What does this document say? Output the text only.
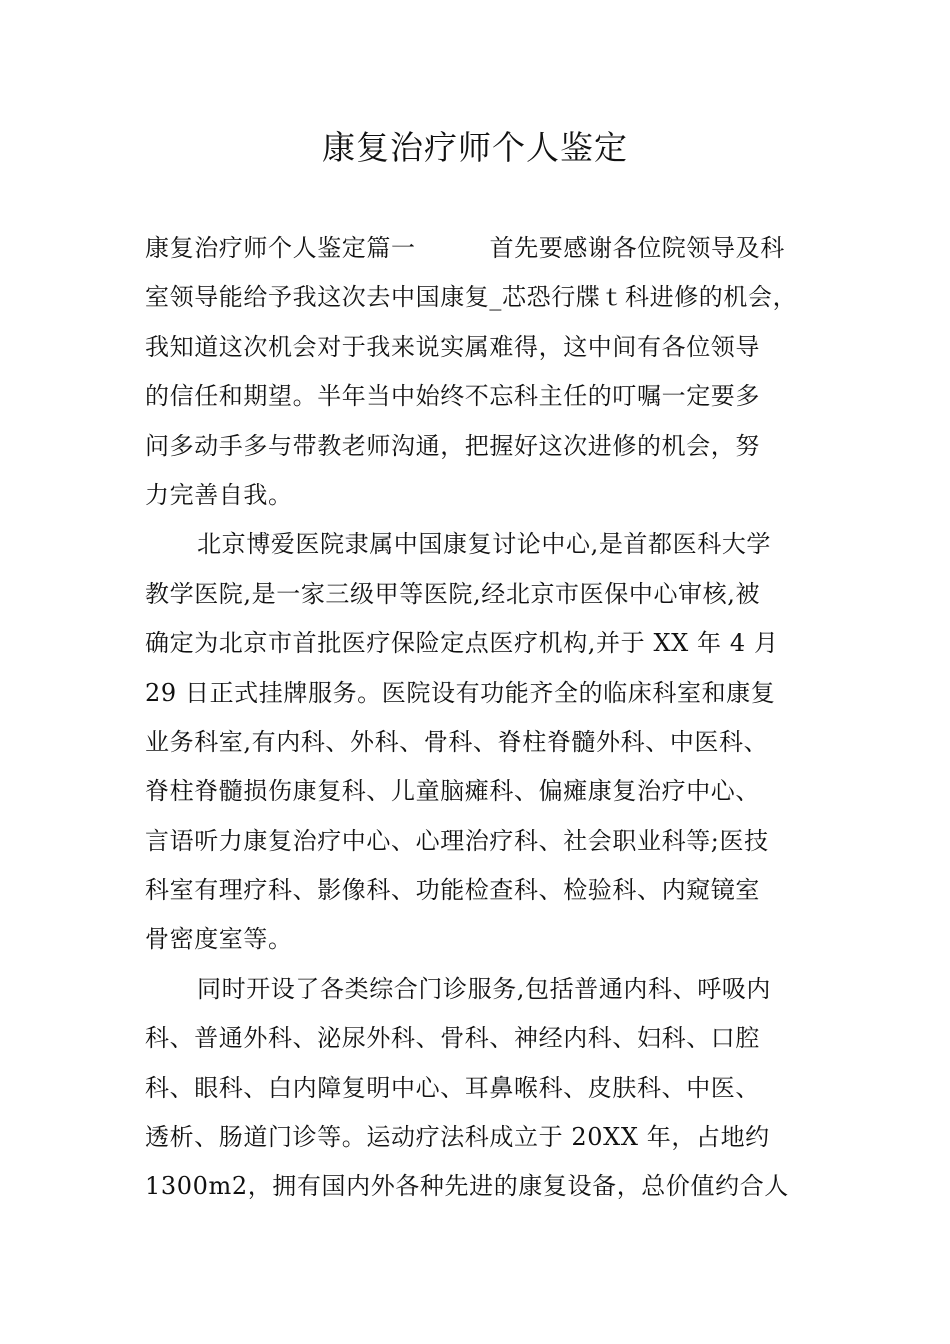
康复治疗师个人鉴定
康复治疗师个人鉴定篇一	首先要感谢各位院领导及科
室领导能给予我这次去中国康复_芯恐行牒ｔ科进修的机会，
我知道这次机会对于我来说实属难得，这中间有各位领导
的信任和期望。半年当中始终不忘科主任的叮嘱一定要多
问多动手多与带教老师沟通，把握好这次进修的机会，努
力完善自我。
北京博爱医院隶属中国康复讨论中心,是首都医科大学
教学医院,是一家三级甲等医院,经北京市医保中心审核,被
确定为北京市首批医疗保险定点医疗机构,并于 XX 年 4 月
29 日正式挂牌服务。医院设有功能齐全的临床科室和康复
业务科室,有内科、外科、骨科、脊柱脊髓外科、中医科、
脊柱脊髓损伤康复科、儿童脑瘫科、偏瘫康复治疗中心、
言语听力康复治疗中心、心理治疗科、社会职业科等;医技
科室有理疗科、影像科、功能检查科、检验科、内窥镜室
骨密度室等。
同时开设了各类综合门诊服务,包括普通内科、呼吸内
科、普通外科、泌尿外科、骨科、神经内科、妇科、口腔
科、眼科、白内障复明中心、耳鼻喉科、皮肤科、中医、
透析、肠道门诊等。运动疗法科成立于 20XX 年，占地约
1300m2，拥有国内外各种先进的康复设备，总价值约合人
